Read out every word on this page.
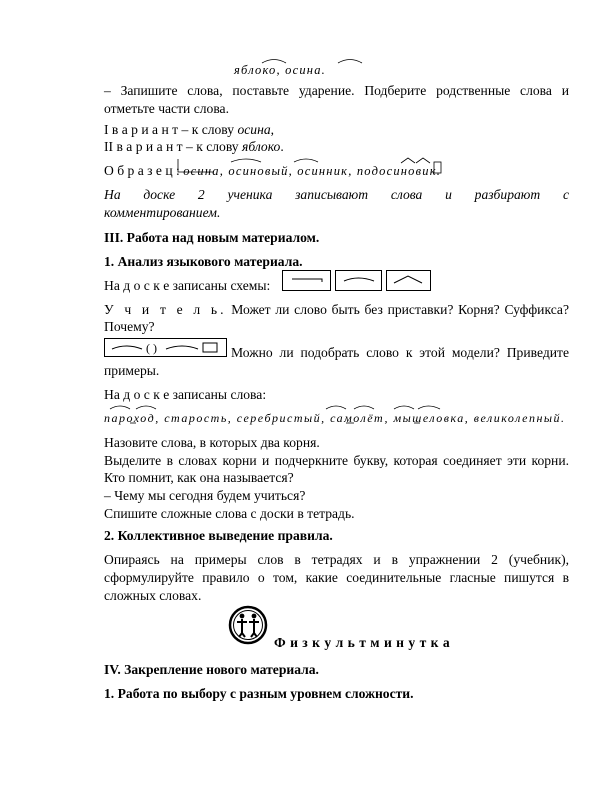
яблоко, осина.
– Запишите слова, поставьте ударение. Подберите родственные слова и
отметьте части слова.
I в а р и а н т – к слову осина,
II в а р и а н т – к слову яблоко.
О б р а з е ц : осина, осиновый, осинник, подосиновик.
На доске 2 ученика записывают слова и разбирают с
комментированием.
III. Работа над новым материалом.
1. Анализ языкового материала.
На д о с к е записаны схемы:
У ч и т е л ь. Может ли слово быть без приставки? Корня? Суффикса?
Почему?
( )	Можно ли подобрать слово к этой модели? Приведите
примеры.
На д о с к е записаны слова:
пароход, старость, серебристый, самолёт, мышеловка, великолепный.
Назовите слова, в которых два корня.
Выделите в словах корни и подчеркните букву, которая соединяет эти корни.
Кто помнит, как она называется?
– Чему мы сегодня будем учиться?
Спишите сложные слова с доски в тетрадь.
2. Коллективное выведение правила.
Опираясь на примеры слов в тетрадях и в упражнении 2 (учебник),
сформулируйте правило о том, какие соединительные гласные пишутся в
сложных словах.
Ф и з к у л ь т м и н у т к а
IV. Закрепление нового материала.
1. Работа по выбору с разным уровнем сложности.
